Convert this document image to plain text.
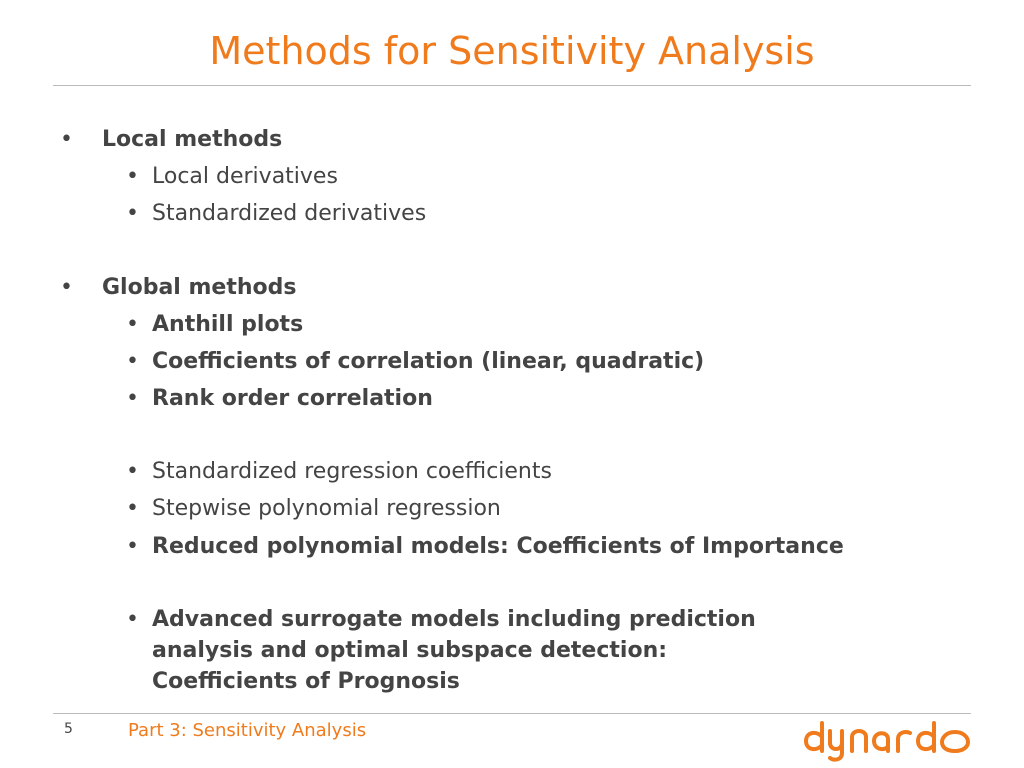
Methods for Sensitivity Analysis
•	Local methods
• Local derivatives
• Standardized derivatives
•	Global methods
• Anthill plots
• Coefficients of correlation (linear, quadratic)
• Rank order correlation
• Standardized regression coefficients
• Stepwise polynomial regression
• Reduced polynomial models: Coefficients of Importance
• Advanced surrogate models including prediction
analysis and optimal subspace detection:
Coefficients of Prognosis
5	Part 3: Sensitivity Analysis
